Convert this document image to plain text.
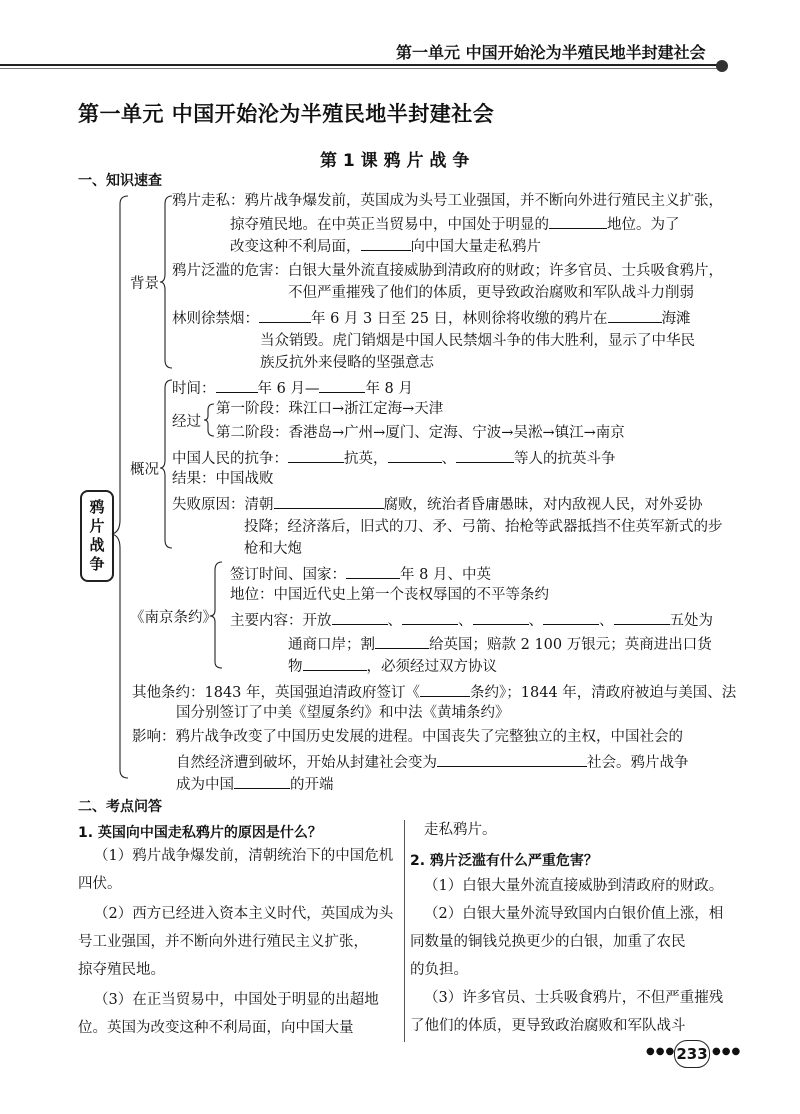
第一单元 中国开始沦为半殖民地半封建社会
第一单元 中国开始沦为半殖民地半封建社会
第 1 课 鸦 片 战 争
一、知识速查
鸦片战争
背景
鸦片走私：鸦片战争爆发前，英国成为头号工业强国，并不断向外进行殖民主义扩张，
掠夺殖民地。在中英正当贸易中，中国处于明显的	地位。为了
改变这种不利局面，	向中国大量走私鸦片
鸦片泛滥的危害：白银大量外流直接威胁到清政府的财政；许多官员、士兵吸食鸦片，
不但严重摧残了他们的体质，更导致政治腐败和军队战斗力削弱
林则徐禁烟：	年 6 月 3 日至 25 日，林则徐将收缴的鸦片在	海滩
当众销毁。虎门销烟是中国人民禁烟斗争的伟大胜利，显示了中华民
族反抗外来侵略的坚强意志
概况
时间：	年 6 月—	年 8 月
经过
第一阶段：珠江口→浙江定海→天津
第二阶段：香港岛→广州→厦门、定海、宁波→吴淞→镇江→南京
中国人民的抗争：	抗英，	、	等人的抗英斗争
结果：中国战败
失败原因：清朝	腐败，统治者昏庸愚昧，对内敌视人民，对外妥协
投降；经济落后，旧式的刀、矛、弓箭、抬枪等武器抵挡不住英军新式的步
枪和大炮
《南京条约》
签订时间、国家：	年 8 月、中英
地位：中国近代史上第一个丧权辱国的不平等条约
主要内容：开放	、	、	、	、	五处为
通商口岸；割	给英国；赔款 2 100 万银元；英商进出口货
物	，必须经过双方协议
其他条约：1843 年，英国强迫清政府签订《	条约》；1844 年，清政府被迫与美国、法
国分别签订了中美《望厦条约》和中法《黄埔条约》
影响：鸦片战争改变了中国历史发展的进程。中国丧失了完整独立的主权，中国社会的
自然经济遭到破坏，开始从封建社会变为	社会。鸦片战争
成为中国	的开端
二、考点问答
1. 英国向中国走私鸦片的原因是什么？
（1）鸦片战争爆发前，清朝统治下的中国危机
四伏。
（2）西方已经进入资本主义时代，英国成为头
号工业强国，并不断向外进行殖民主义扩张，
掠夺殖民地。
（3）在正当贸易中，中国处于明显的出超地
位。英国为改变这种不利局面，向中国大量
走私鸦片。
2. 鸦片泛滥有什么严重危害？
（1）白银大量外流直接威胁到清政府的财政。
（2）白银大量外流导致国内白银价值上涨，相
同数量的铜钱兑换更少的白银，加重了农民
的负担。
（3）许多官员、士兵吸食鸦片，不但严重摧残
了他们的体质，更导致政治腐败和军队战斗
●●● 233 ●●●
